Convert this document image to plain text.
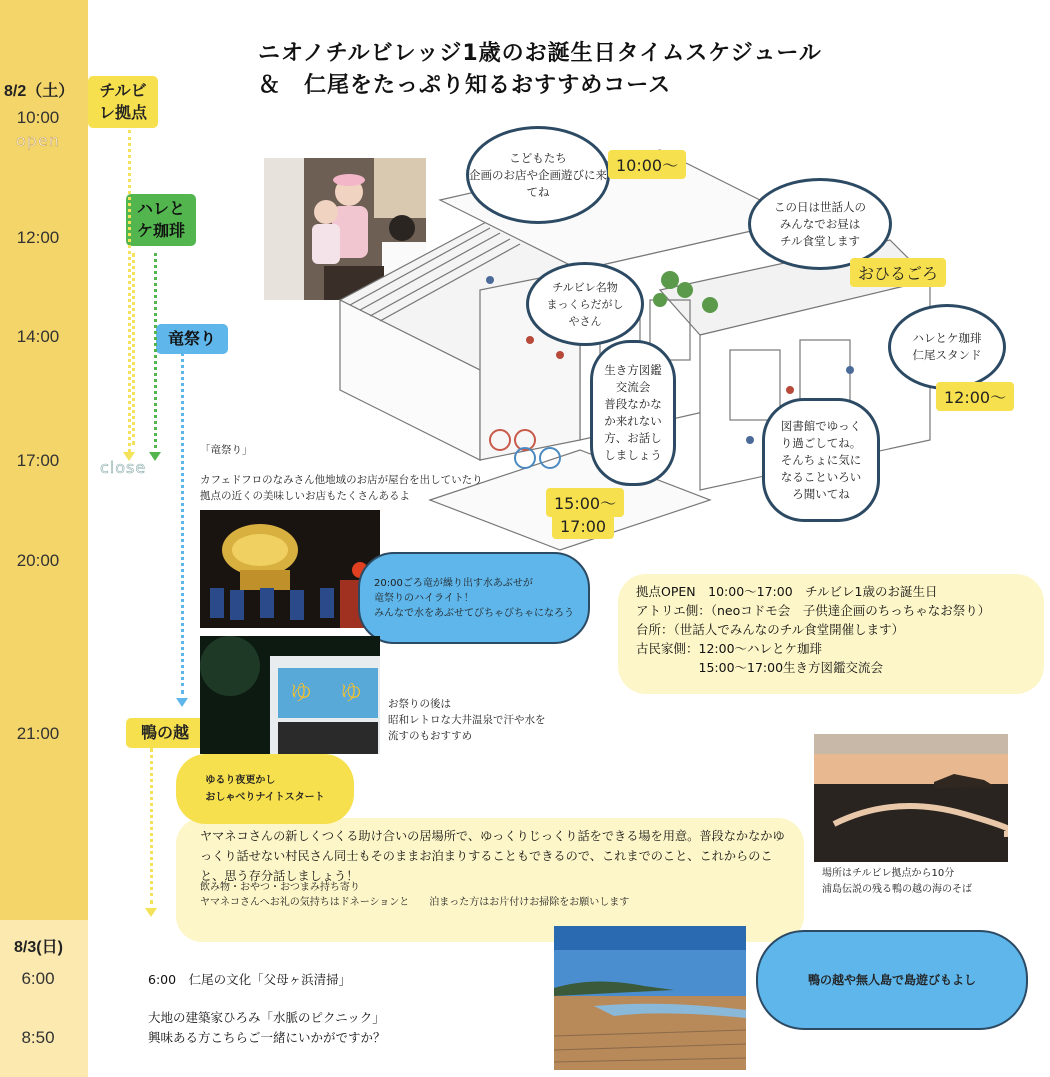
8/2（土）
10:00
open
12:00
14:00
17:00
20:00
21:00
8/3(日)
6:00
8:50
チルビレ拠点
ハレとケ珈琲
竜祭り
鴨の越
close
ニオノチルビレッジ1歳のお誕生日タイムスケジュール
＆　仁尾をたっぷり知るおすすめコース
こどもたち
企画のお店や企画遊びに来てね
10:00〜
チルビレ名物
まっくらだがし
やさん
この日は世話人の
みんなでお昼は
チル食堂します
おひるごろ
ハレとケ珈琲
仁尾スタンド
12:00〜
生き方図鑑
交流会
普段なかな
か来れない
方、お話し
しましょう
15:00〜
17:00
図書館でゆっく
り過ごしてね。
そんちょに気に
なることいろい
ろ聞いてね
拠点OPEN　10:00〜17:00　チルビレ1歳のお誕生日
アトリエ側：（neoコドモ会　子供達企画のちっちゃなお祭り）
台所：（世話人でみんなのチル食堂開催します）
古民家側：12:00〜ハレとケ珈琲
　　　　　15:00〜17:00生き方図鑑交流会
「竜祭り」
カフェドフロのなみさん他地域のお店が屋台を出していたり
拠点の近くの美味しいお店もたくさんあるよ
20:00ごろ竜が繰り出す水あぶせが
竜祭りのハイライト！
みんなで水をあぶせてびちゃびちゃになろう
ゆ ゆ お祭りの後は
昭和レトロな大井温泉で汗や水を
流すのもおすすめ
ゆるり夜更かし
おしゃべりナイトスタート
ヤマネコさんの新しくつくる助け合いの居場所で、ゆっくりじっくり話をできる場を用意。普段なかなかゆっくり話せない村民さん同士もそのままお泊まりすることもできるので、これまでのこと、これからのこと、思う存分話しましょう！
飲み物・おやつ・おつまみ持ち寄り
ヤマネコさんへお礼の気持ちはドネーションと　　泊まった方はお片付けお掃除をお願いします
場所はチルビレ拠点から10分
浦島伝説の残る鴨の越の海のそば
6:00　仁尾の文化「父母ヶ浜清掃」
大地の建築家ひろみ「水脈のピクニック」
興味ある方こちらご一緒にいかがですか？
鴨の越や無人島で島遊びもよし
